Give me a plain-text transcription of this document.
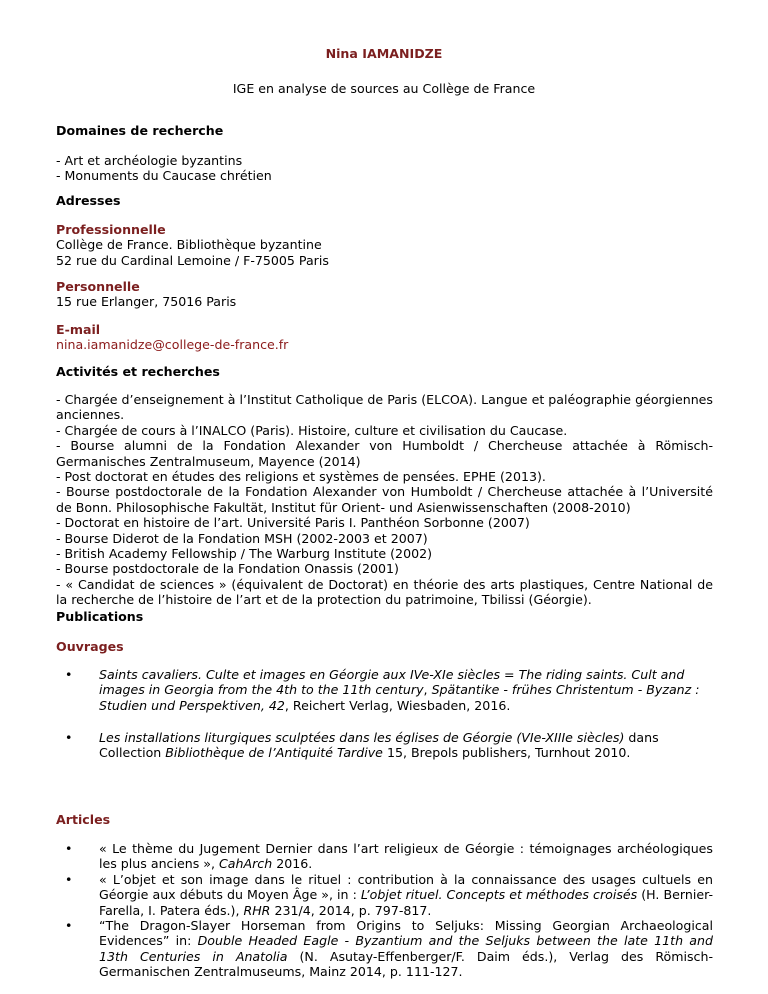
Nina IAMANIDZE
IGE en analyse de sources au Collège de France
Domaines de recherche
- Art et archéologie byzantins
- Monuments du Caucase chrétien
Adresses
Professionnelle
Collège de France. Bibliothèque byzantine
52 rue du Cardinal Lemoine / F-75005 Paris
Personnelle
15 rue Erlanger, 75016 Paris
E-mail
nina.iamanidze@college-de-france.fr
Activités et recherches
- Chargée d’enseignement à l’Institut Catholique de Paris (ELCOA). Langue et paléographie géorgiennes anciennes.
- Chargée de cours à l’INALCO (Paris). Histoire, culture et civilisation du Caucase.
- Bourse alumni de la Fondation Alexander von Humboldt / Chercheuse attachée à Römisch-Germanisches Zentralmuseum, Mayence (2014)
- Post doctorat en études des religions et systèmes de pensées. EPHE (2013).
- Bourse postdoctorale de la Fondation Alexander von Humboldt / Chercheuse attachée à l’Université de Bonn. Philosophische Fakultät, Institut für Orient- und Asienwissenschaften (2008-2010)
- Doctorat en histoire de l’art. Université Paris I. Panthéon Sorbonne (2007)
- Bourse Diderot de la Fondation MSH (2002-2003 et 2007)
- British Academy Fellowship / The Warburg Institute (2002)
- Bourse postdoctorale de la Fondation Onassis (2001)
- « Candidat de sciences » (équivalent de Doctorat) en théorie des arts plastiques, Centre National de la recherche de l’histoire de l’art et de la protection du patrimoine, Tbilissi (Géorgie).
Publications
Ouvrages
• Saints cavaliers. Culte et images en Géorgie aux IVe-XIe siècles = The riding saints. Cult and images in Georgia from the 4th to the 11th century, Spätantike - frühes Christentum - Byzanz : Studien und Perspektiven, 42, Reichert Verlag, Wiesbaden, 2016.
• Les installations liturgiques sculptées dans les églises de Géorgie (VIe-XIIIe siècles) dans Collection Bibliothèque de l’Antiquité Tardive 15, Brepols publishers, Turnhout 2010.
Articles
• « Le thème du Jugement Dernier dans l’art religieux de Géorgie : témoignages archéologiques les plus anciens », CahArch 2016.
• « L’objet et son image dans le rituel : contribution à la connaissance des usages cultuels en Géorgie aux débuts du Moyen Âge », in : L’objet rituel. Concepts et méthodes croisés (H. Bernier-Farella, I. Patera éds.), RHR 231/4, 2014, p. 797-817.
• “The Dragon-Slayer Horseman from Origins to Seljuks: Missing Georgian Archaeological Evidences” in: Double Headed Eagle - Byzantium and the Seljuks between the late 11th and 13th Centuries in Anatolia (N. Asutay-Effenberger/F. Daim éds.), Verlag des Römisch-Germanischen Zentralmuseums, Mainz 2014, p. 111-127.
